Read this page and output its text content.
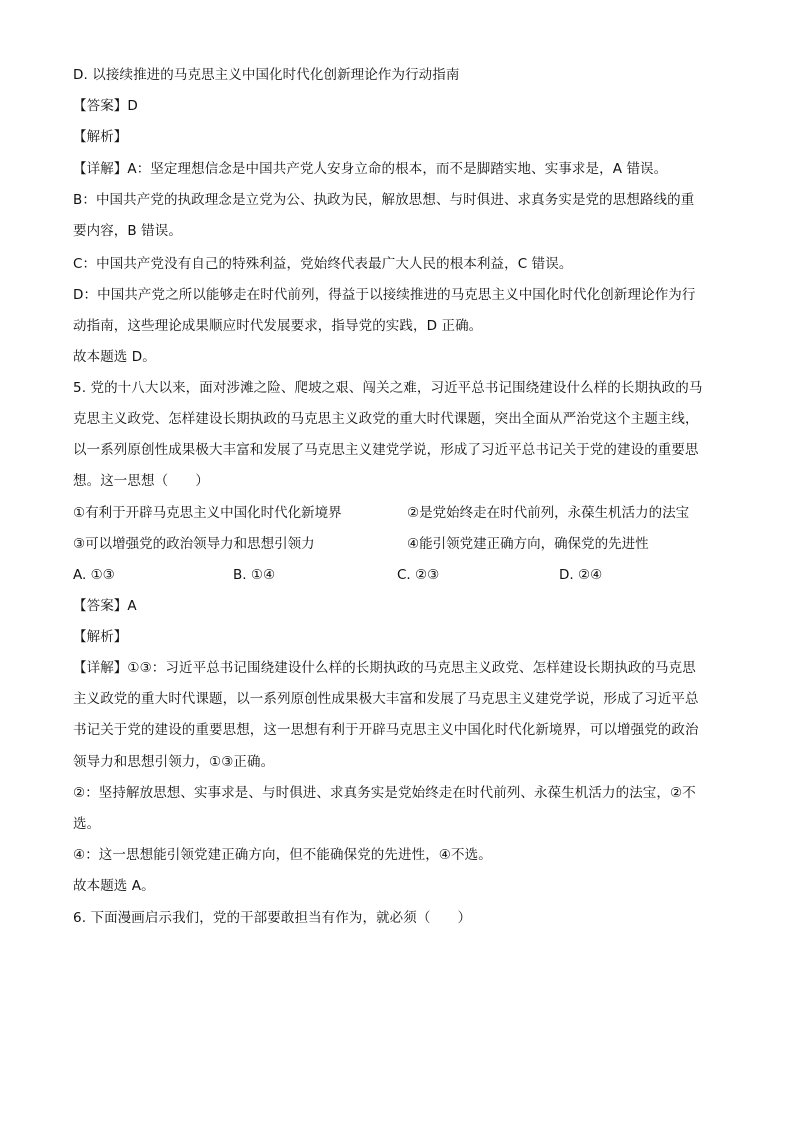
D. 以接续推进的马克思主义中国化时代化创新理论作为行动指南
【答案】D
【解析】
【详解】A：坚定理想信念是中国共产党人安身立命的根本，而不是脚踏实地、实事求是，A 错误。
B：中国共产党的执政理念是立党为公、执政为民，解放思想、与时俱进、求真务实是党的思想路线的重
要内容，B 错误。
C：中国共产党没有自己的特殊利益，党始终代表最广大人民的根本利益，C 错误。
D：中国共产党之所以能够走在时代前列，得益于以接续推进的马克思主义中国化时代化创新理论作为行
动指南，这些理论成果顺应时代发展要求，指导党的实践，D 正确。
故本题选 D。
5. 党的十八大以来，面对涉滩之险、爬坡之艰、闯关之难，习近平总书记围绕建设什么样的长期执政的马
克思主义政党、怎样建设长期执政的马克思主义政党的重大时代课题，突出全面从严治党这个主题主线，
以一系列原创性成果极大丰富和发展了马克思主义建党学说，形成了习近平总书记关于党的建设的重要思
想。这一思想（　　）
①有利于开辟马克思主义中国化时代化新境界	②是党始终走在时代前列，永葆生机活力的法宝
③可以增强党的政治领导力和思想引领力	④能引领党建正确方向，确保党的先进性
A. ①③	B. ①④	C. ②③	D. ②④
【答案】A
【解析】
【详解】①③：习近平总书记围绕建设什么样的长期执政的马克思主义政党、怎样建设长期执政的马克思
主义政党的重大时代课题，以一系列原创性成果极大丰富和发展了马克思主义建党学说，形成了习近平总
书记关于党的建设的重要思想，这一思想有利于开辟马克思主义中国化时代化新境界，可以增强党的政治
领导力和思想引领力，①③正确。
②：坚持解放思想、实事求是、与时俱进、求真务实是党始终走在时代前列、永葆生机活力的法宝，②不
选。
④：这一思想能引领党建正确方向，但不能确保党的先进性，④不选。
故本题选 A。
6. 下面漫画启示我们，党的干部要敢担当有作为，就必须（　　）
